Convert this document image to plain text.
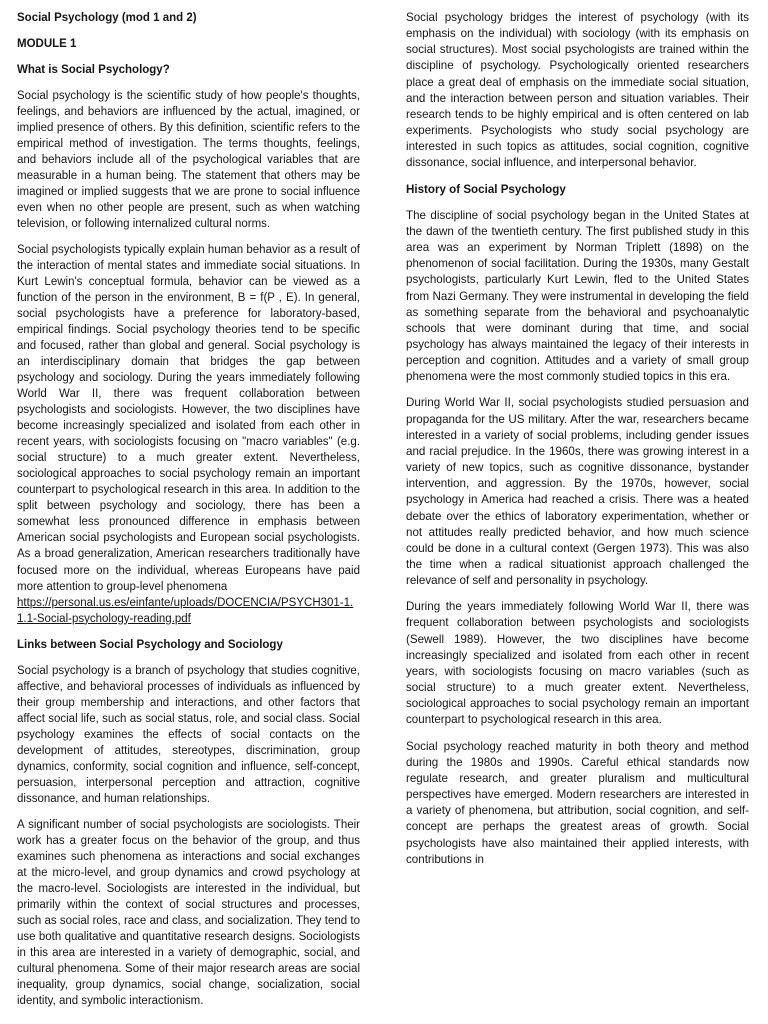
Social Psychology (mod 1 and 2)
MODULE 1
What is Social Psychology?

Social psychology is the scientific study of how people's thoughts, feelings, and behaviors are influenced by the actual, imagined, or implied presence of others. By this definition, scientific refers to the empirical method of investigation. The terms thoughts, feelings, and behaviors include all of the psychological variables that are measurable in a human being. The statement that others may be imagined or implied suggests that we are prone to social influence even when no other people are present, such as when watching television, or following internalized cultural norms.

Social psychologists typically explain human behavior as a result of the interaction of mental states and immediate social situations. In Kurt Lewin's conceptual formula, behavior can be viewed as a function of the person in the environment, B = f(P , E). In general, social psychologists have a preference for laboratory-based, empirical findings. Social psychology theories tend to be specific and focused, rather than global and general. Social psychology is an interdisciplinary domain that bridges the gap between psychology and sociology. During the years immediately following World War II, there was frequent collaboration between psychologists and sociologists. However, the two disciplines have become increasingly specialized and isolated from each other in recent years, with sociologists focusing on "macro variables" (e.g. social structure) to a much greater extent. Nevertheless, sociological approaches to social psychology remain an important counterpart to psychological research in this area. In addition to the split between psychology and sociology, there has been a somewhat less pronounced difference in emphasis between American social psychologists and European social psychologists. As a broad generalization, American researchers traditionally have focused more on the individual, whereas Europeans have paid more attention to group-level phenomena

https://personal.us.es/einfante/uploads/DOCENCIA/PSYCH301-1.1.1-Social-psychology-reading.pdf

Links between Social Psychology and Sociology

Social psychology is a branch of psychology that studies cognitive, affective, and behavioral processes of individuals as influenced by their group membership and interactions, and other factors that affect social life, such as social status, role, and social class. Social psychology examines the effects of social contacts on the development of attitudes, stereotypes, discrimination, group dynamics, conformity, social cognition and influence, self-concept, persuasion, interpersonal perception and attraction, cognitive dissonance, and human relationships.

A significant number of social psychologists are sociologists. Their work has a greater focus on the behavior of the group, and thus examines such phenomena as interactions and social exchanges at the micro-level, and group dynamics and crowd psychology at the macro-level. Sociologists are interested in the individual, but primarily within the context of social structures and processes, such as social roles, race and class, and socialization. They tend to use both qualitative and quantitative research designs. Sociologists in this area are interested in a variety of demographic, social, and cultural phenomena. Some of their major research areas are social inequality, group dynamics, social change, socialization, social identity, and symbolic interactionism.

Social psychology bridges the interest of psychology (with its emphasis on the individual) with sociology (with its emphasis on social structures). Most social psychologists are trained within the discipline of psychology. Psychologically oriented researchers place a great deal of emphasis on the immediate social situation, and the interaction between person and situation variables. Their research tends to be highly empirical and is often centered on lab experiments. Psychologists who study social psychology are interested in such topics as attitudes, social cognition, cognitive dissonance, social influence, and interpersonal behavior.

History of Social Psychology

The discipline of social psychology began in the United States at the dawn of the twentieth century. The first published study in this area was an experiment by Norman Triplett (1898) on the phenomenon of social facilitation. During the 1930s, many Gestalt psychologists, particularly Kurt Lewin, fled to the United States from Nazi Germany. They were instrumental in developing the field as something separate from the behavioral and psychoanalytic schools that were dominant during that time, and social psychology has always maintained the legacy of their interests in perception and cognition. Attitudes and a variety of small group phenomena were the most commonly studied topics in this era.

During World War II, social psychologists studied persuasion and propaganda for the US military. After the war, researchers became interested in a variety of social problems, including gender issues and racial prejudice. In the 1960s, there was growing interest in a variety of new topics, such as cognitive dissonance, bystander intervention, and aggression. By the 1970s, however, social psychology in America had reached a crisis. There was a heated debate over the ethics of laboratory experimentation, whether or not attitudes really predicted behavior, and how much science could be done in a cultural context (Gergen 1973). This was also the time when a radical situationist approach challenged the relevance of self and personality in psychology.

During the years immediately following World War II, there was frequent collaboration between psychologists and sociologists (Sewell 1989). However, the two disciplines have become increasingly specialized and isolated from each other in recent years, with sociologists focusing on macro variables (such as social structure) to a much greater extent. Nevertheless, sociological approaches to social psychology remain an important counterpart to psychological research in this area.

Social psychology reached maturity in both theory and method during the 1980s and 1990s. Careful ethical standards now regulate research, and greater pluralism and multicultural perspectives have emerged. Modern researchers are interested in a variety of phenomena, but attribution, social cognition, and self-concept are perhaps the greatest areas of growth. Social psychologists have also maintained their applied interests, with contributions in
